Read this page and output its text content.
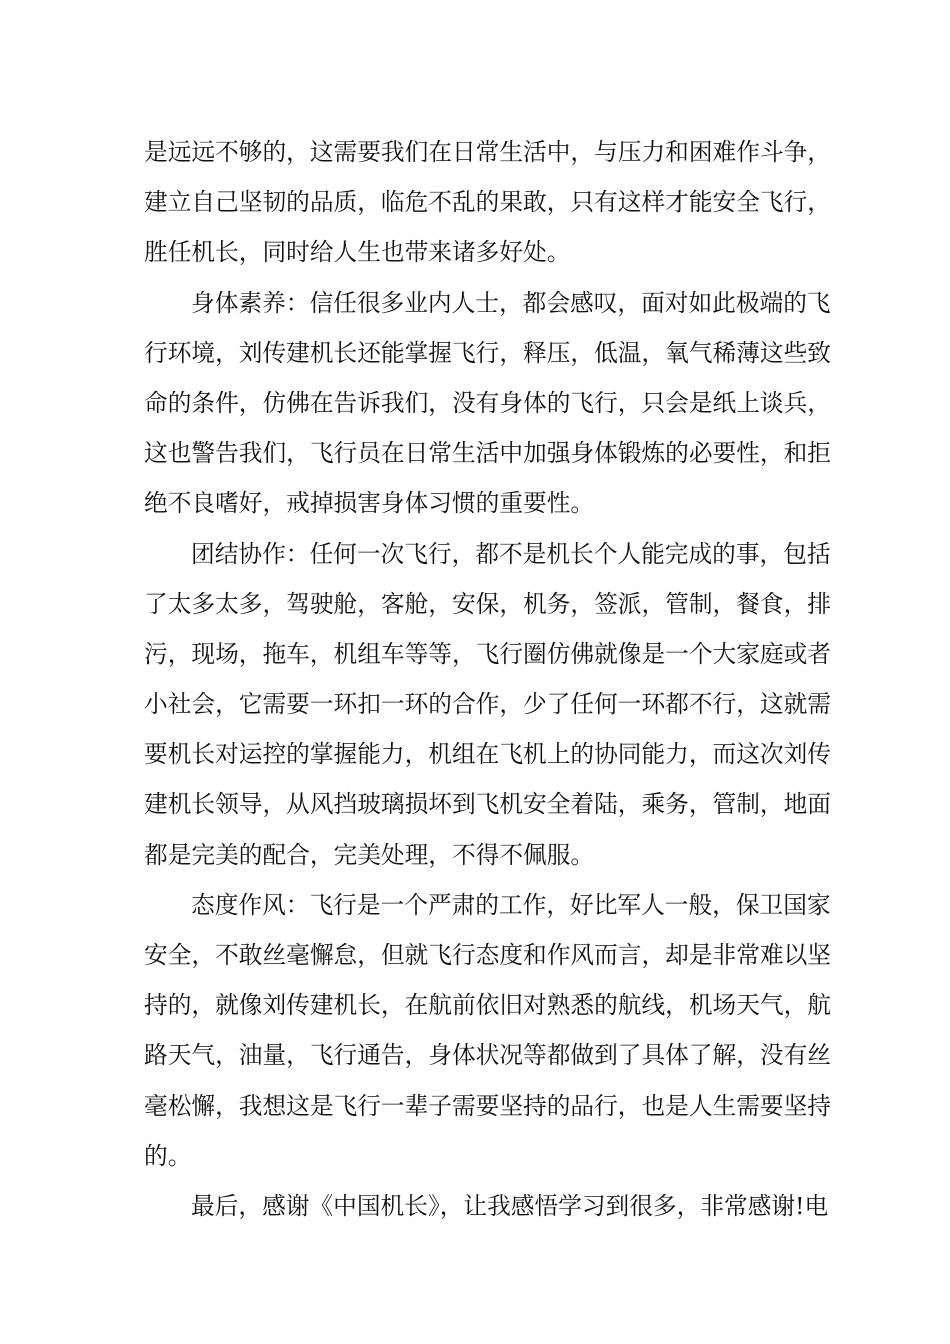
是远远不够的，这需要我们在日常生活中，与压力和困难作斗争，
建立自己坚韧的品质，临危不乱的果敢，只有这样才能安全飞行，
胜任机长，同时给人生也带来诸多好处。
身体素养：信任很多业内人士，都会感叹，面对如此极端的飞
行环境，刘传建机长还能掌握飞行，释压，低温，氧气稀薄这些致
命的条件，仿佛在告诉我们，没有身体的飞行，只会是纸上谈兵，
这也警告我们，飞行员在日常生活中加强身体锻炼的必要性，和拒
绝不良嗜好，戒掉损害身体习惯的重要性。
团结协作：任何一次飞行，都不是机长个人能完成的事，包括
了太多太多，驾驶舱，客舱，安保，机务，签派，管制，餐食，排
污，现场，拖车，机组车等等，飞行圈仿佛就像是一个大家庭或者
小社会，它需要一环扣一环的合作，少了任何一环都不行，这就需
要机长对运控的掌握能力，机组在飞机上的协同能力，而这次刘传
建机长领导，从风挡玻璃损坏到飞机安全着陆，乘务，管制，地面
都是完美的配合，完美处理，不得不佩服。
态度作风：飞行是一个严肃的工作，好比军人一般，保卫国家
安全，不敢丝毫懈怠，但就飞行态度和作风而言，却是非常难以坚
持的，就像刘传建机长，在航前依旧对熟悉的航线，机场天气，航
路天气，油量，飞行通告，身体状况等都做到了具体了解，没有丝
毫松懈，我想这是飞行一辈子需要坚持的品行，也是人生需要坚持
的。
最后，感谢《中国机长》，让我感悟学习到很多，非常感谢!电
